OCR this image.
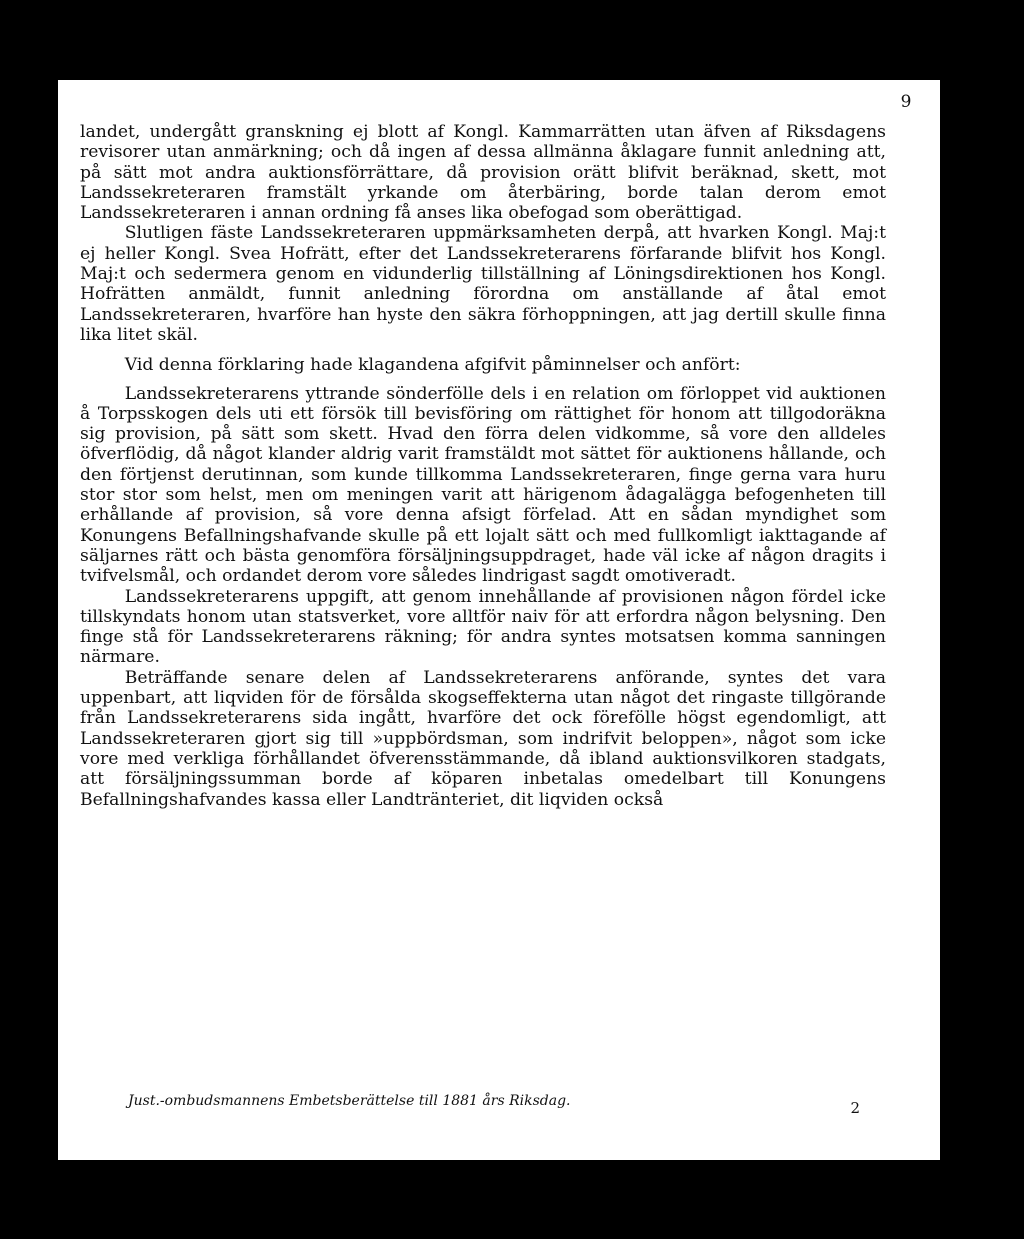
9

landet, undergått granskning ej blott af Kongl. Kammarrätten utan äfven af Riksdagens revisorer utan anmärkning; och då ingen af dessa allmänna åklagare funnit anledning att, på sätt mot andra auktionsförrättare, då provision orätt blifvit beräknad, skett, mot Landssekreteraren framstält yrkande om återbäring, borde talan derom emot Landssekreteraren i annan ordning få anses lika obefogad som oberättigad.

Slutligen fäste Landssekreteraren uppmärksamheten derpå, att hvarken Kongl. Maj:t ej heller Kongl. Svea Hofrätt, efter det Landssekreterarens förfarande blifvit hos Kongl. Maj:t och sedermera genom en vidunderlig tillställning af Löningsdirektionen hos Kongl. Hofrätten anmäldt, funnit anledning förordna om anställande af åtal emot Landssekreteraren, hvarföre han hyste den säkra förhoppningen, att jag dertill skulle finna lika litet skäl.

Vid denna förklaring hade klagandena afgifvit påminnelser och anfört:

Landssekreterarens yttrande sönderfölle dels i en relation om förloppet vid auktionen å Torpsskogen dels uti ett försök till bevisföring om rättighet för honom att tillgodoräkna sig provision, på sätt som skett. Hvad den förra delen vidkomme, så vore den alldeles öfverflödig, då något klander aldrig varit framstäldt mot sättet för auktionens hållande, och den förtjenst derutinnan, som kunde tillkomma Landssekreteraren, finge gerna vara huru stor stor som helst, men om meningen varit att härigenom ådagalägga befogenheten till erhållande af provision, så vore denna afsigt förfelad. Att en sådan myndighet som Konungens Befallningshafvande skulle på ett lojalt sätt och med fullkomligt iakttagande af säljarnes rätt och bästa genomföra försäljningsuppdraget, hade väl icke af någon dragits i tvifvelsmål, och ordandet derom vore således lindrigast sagdt omotiveradt.

Landssekreterarens uppgift, att genom innehållande af provisionen någon fördel icke tillskyndats honom utan statsverket, vore alltför naiv för att erfordra någon belysning. Den finge stå för Landssekreterarens räkning; för andra syntes motsatsen komma sanningen närmare.

Beträffande senare delen af Landssekreterarens anförande, syntes det vara uppenbart, att liqviden för de försålda skogseffekterna utan något det ringaste tillgörande från Landssekreterarens sida ingått, hvarföre det ock förefölle högst egendomligt, att Landssekreteraren gjort sig till »uppbördsman, som indrifvit beloppen», något som icke vore med verkliga förhållandet öfverensstämmande, då ibland auktionsvilkoren stadgats, att försäljningssumman borde af köparen inbetalas omedelbart till Konungens Befallningshafvandes kassa eller Landtränteriet, dit liqviden också

Just.-ombudsmannens Embetsberättelse till 1881 års Riksdag.	2
